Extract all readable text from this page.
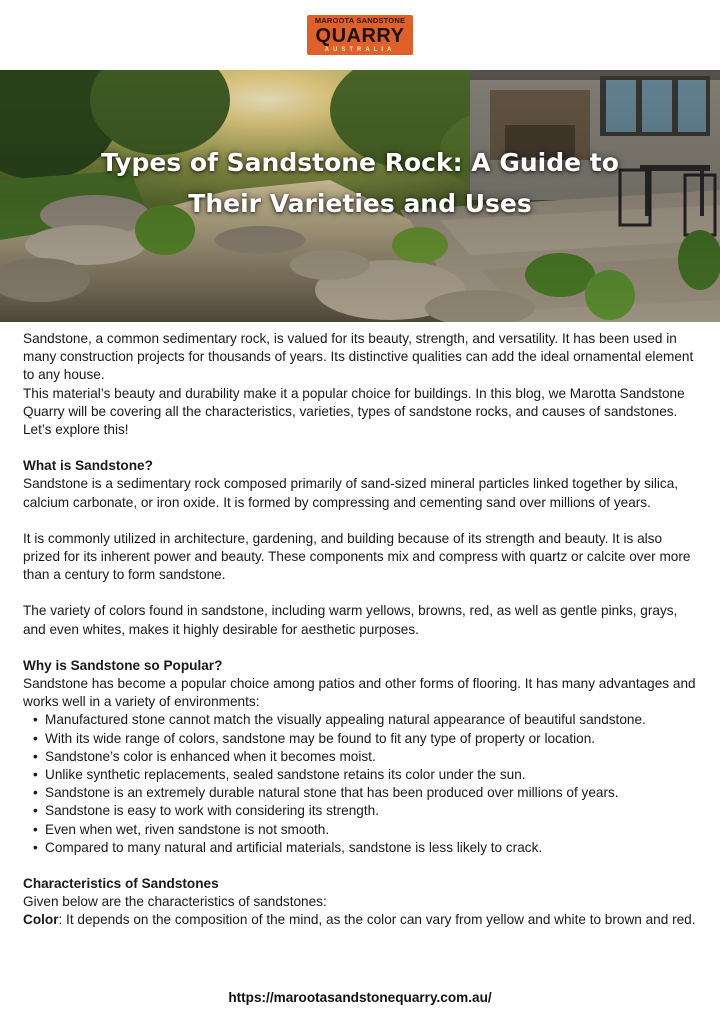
MAROOTA SANDSTONE
QUARRY
AUSTRALIA
Types of Sandstone Rock: A Guide to
Their Varieties and Uses

Sandstone, a common sedimentary rock, is valued for its beauty, strength, and versatility. It has been used in many construction projects for thousands of years. Its distinctive qualities can add the ideal ornamental element to any house.

This material’s beauty and durability make it a popular choice for buildings. In this blog, we Marotta Sandstone Quarry will be covering all the characteristics, varieties, types of sandstone rocks, and causes of sandstones. Let’s explore this!

What is Sandstone?

Sandstone is a sedimentary rock composed primarily of sand-sized mineral particles linked together by silica, calcium carbonate, or iron oxide. It is formed by compressing and cementing sand over millions of years.

It is commonly utilized in architecture, gardening, and building because of its strength and beauty. It is also prized for its inherent power and beauty. These components mix and compress with quartz or calcite over more than a century to form sandstone.

The variety of colors found in sandstone, including warm yellows, browns, red, as well as gentle pinks, grays, and even whites, makes it highly desirable for aesthetic purposes.

Why is Sandstone so Popular?

Sandstone has become a popular choice among patios and other forms of flooring. It has many advantages and works well in a variety of environments:

• Manufactured stone cannot match the visually appealing natural appearance of beautiful sandstone.
• With its wide range of colors, sandstone may be found to fit any type of property or location.
• Sandstone’s color is enhanced when it becomes moist.
• Unlike synthetic replacements, sealed sandstone retains its color under the sun.
• Sandstone is an extremely durable natural stone that has been produced over millions of years.
• Sandstone is easy to work with considering its strength.
• Even when wet, riven sandstone is not smooth.
• Compared to many natural and artificial materials, sandstone is less likely to crack.

Characteristics of Sandstones

Given below are the characteristics of sandstones:

Color: It depends on the composition of the mind, as the color can vary from yellow and white to brown and red.

https://marootasandstonequarry.com.au/
